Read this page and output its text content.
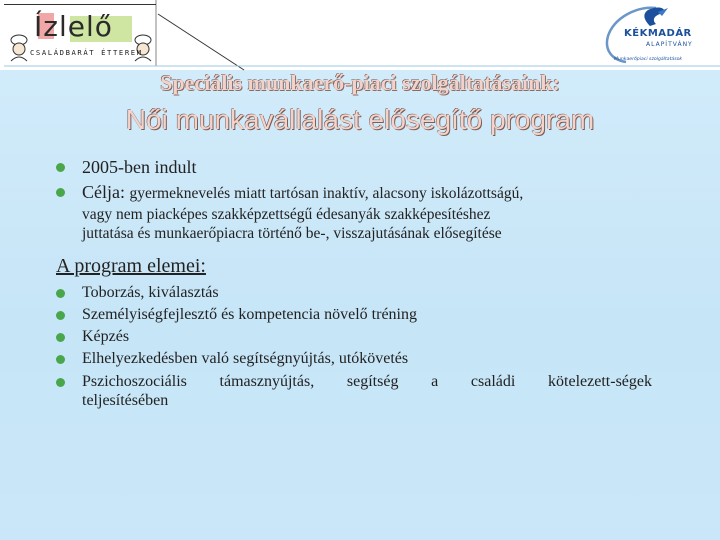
Ízlelő
CSALÁDBARÁT ÉTTEREM
KÉKMADÁR
ALAPÍTVÁNY
Munkaerőpiaci szolgáltatások
Speciális munkaerő-piaci szolgáltatásaink:
Női munkavállalást elősegítő program
2005-ben indult
Célja: gyermeknevelés miatt tartósan inaktív, alacsony iskolázottságú,
vagy nem piacképes szakképzettségű édesanyák szakképesítéshez
juttatása és munkaerőpiacra történő be-, visszajutásának elősegítése
A program elemei:
Toborzás, kiválasztás
Személyiségfejlesztő és kompetencia növelő tréning
Képzés
Elhelyezkedésben való segítségnyújtás, utókövetés
Pszichoszociális támasznyújtás, segítség a családi kötelezett-ségek
teljesítésében
